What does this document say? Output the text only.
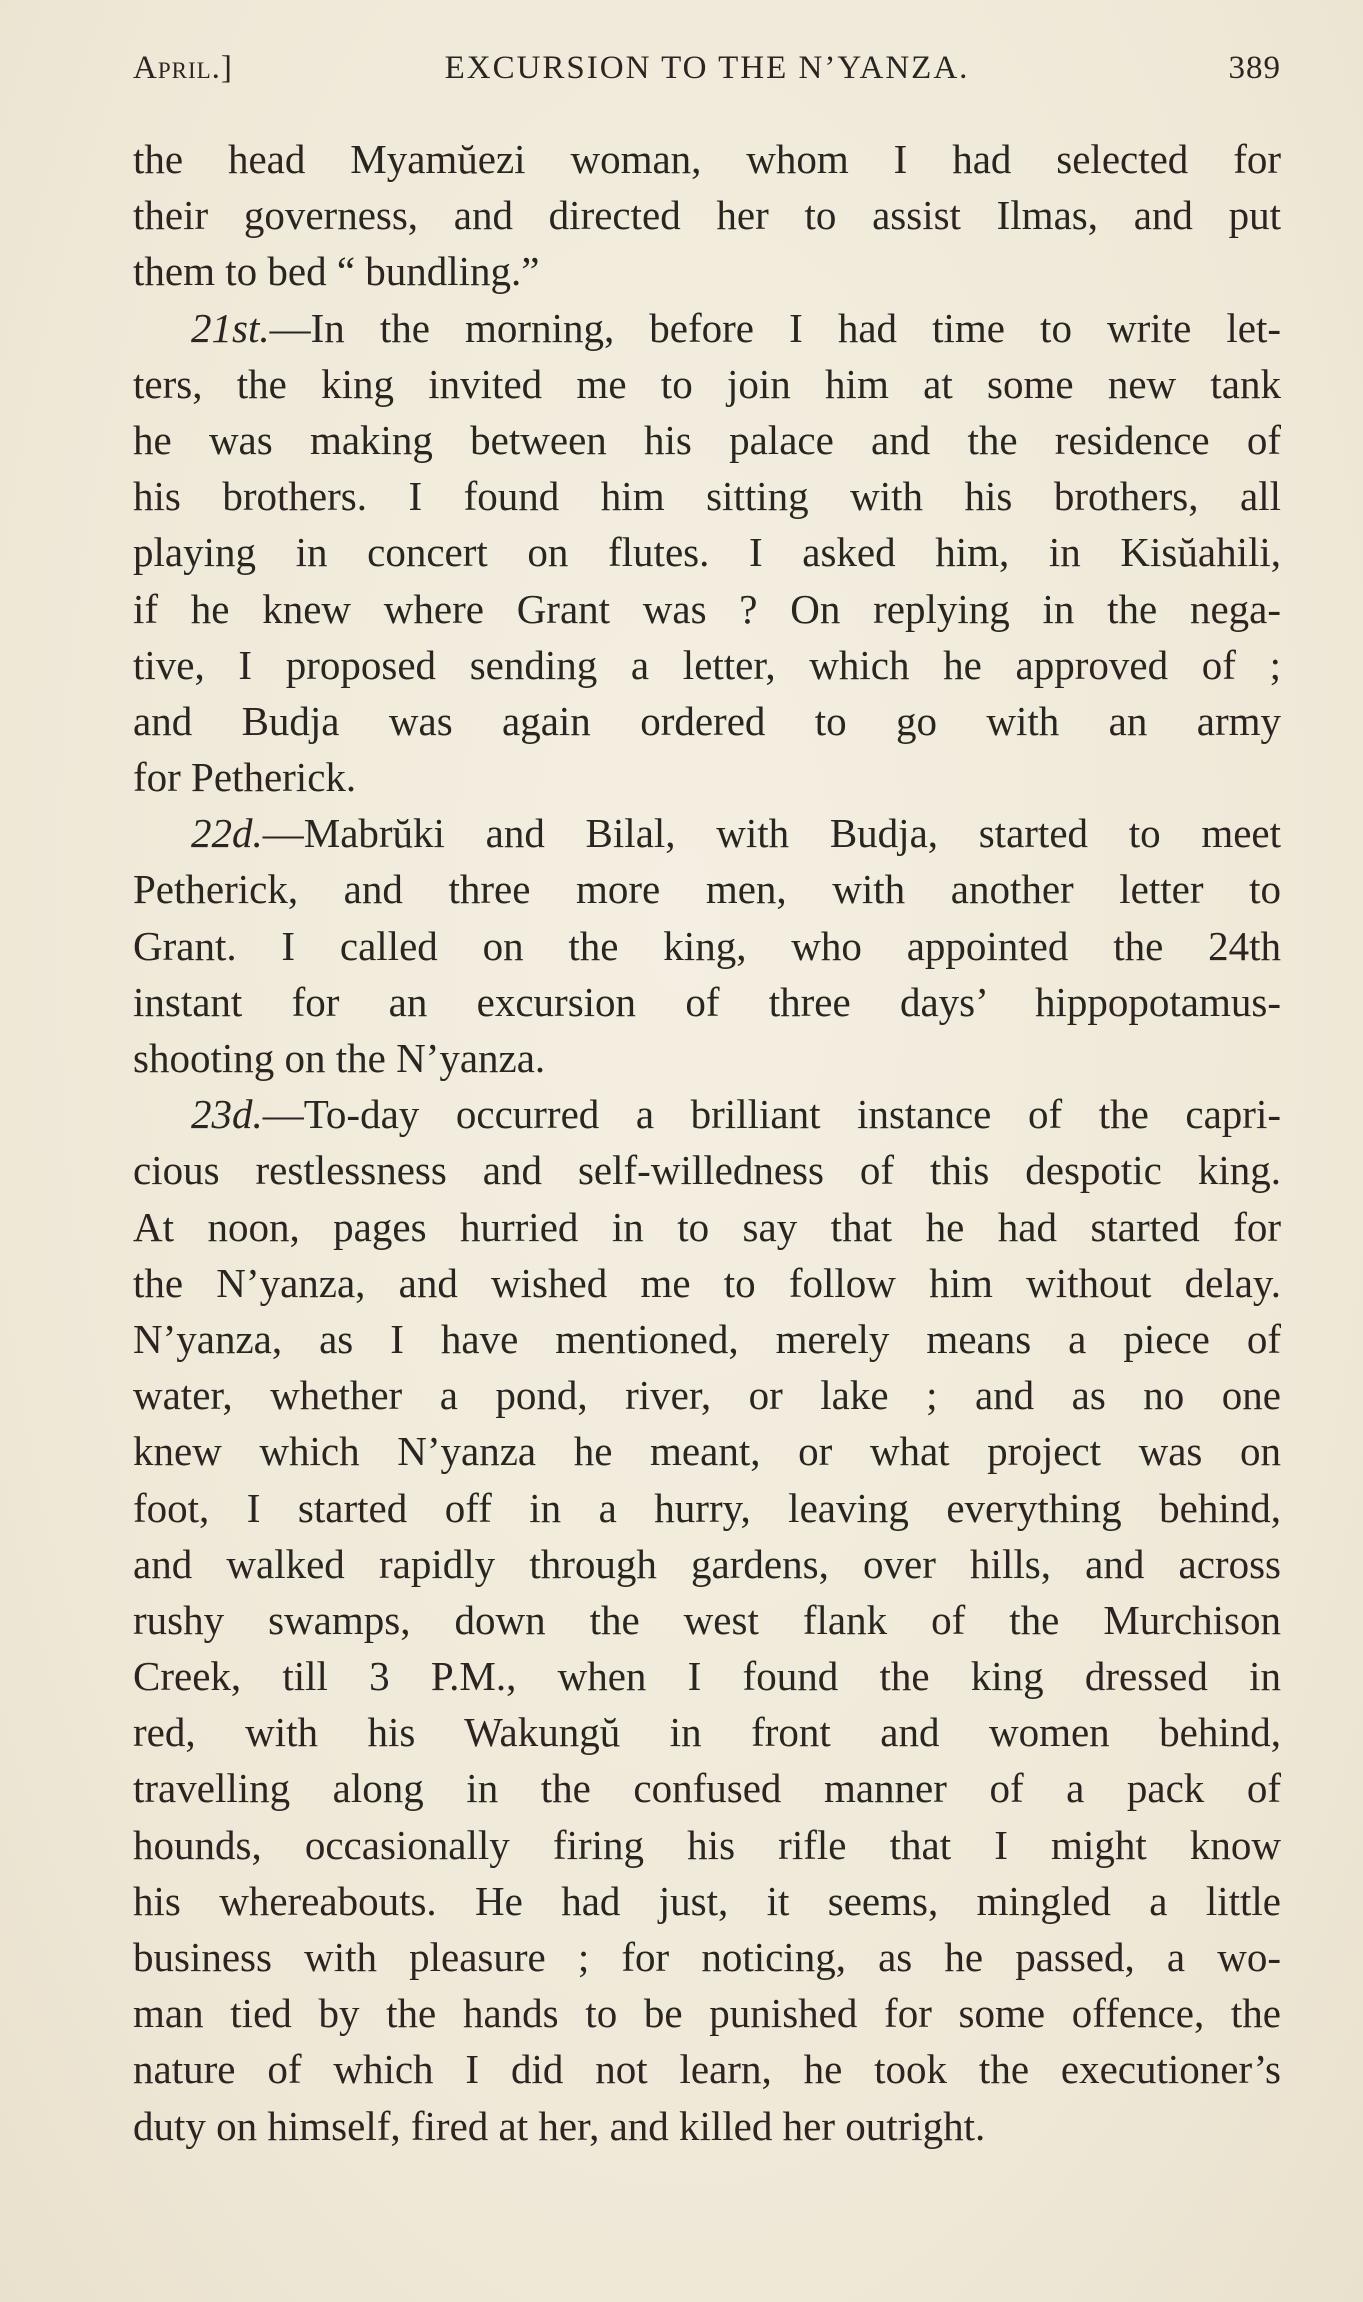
April.]	EXCURSION TO THE N’YANZA.	389
the head Myamŭezi woman, whom I had selected for
their governess, and directed her to assist Ilmas, and put
them to bed “ bundling.”
21st.—In the morning, before I had time to write let-
ters, the king invited me to join him at some new tank
he was making between his palace and the residence of
his brothers. I found him sitting with his brothers, all
playing in concert on flutes. I asked him, in Kisŭahili,
if he knew where Grant was ? On replying in the nega-
tive, I proposed sending a letter, which he approved of ;
and Budja was again ordered to go with an army
for Petherick.
22d.—Mabrŭki and Bilal, with Budja, started to meet
Petherick, and three more men, with another letter to
Grant. I called on the king, who appointed the 24th
instant for an excursion of three days’ hippopotamus-
shooting on the N’yanza.
23d.—To-day occurred a brilliant instance of the capri-
cious restlessness and self-willedness of this despotic king.
At noon, pages hurried in to say that he had started for
the N’yanza, and wished me to follow him without delay.
N’yanza, as I have mentioned, merely means a piece of
water, whether a pond, river, or lake ; and as no one
knew which N’yanza he meant, or what project was on
foot, I started off in a hurry, leaving everything behind,
and walked rapidly through gardens, over hills, and across
rushy swamps, down the west flank of the Murchison
Creek, till 3 P.M., when I found the king dressed in
red, with his Wakungŭ in front and women behind,
travelling along in the confused manner of a pack of
hounds, occasionally firing his rifle that I might know
his whereabouts. He had just, it seems, mingled a little
business with pleasure ; for noticing, as he passed, a wo-
man tied by the hands to be punished for some offence, the
nature of which I did not learn, he took the executioner’s
duty on himself, fired at her, and killed her outright.
